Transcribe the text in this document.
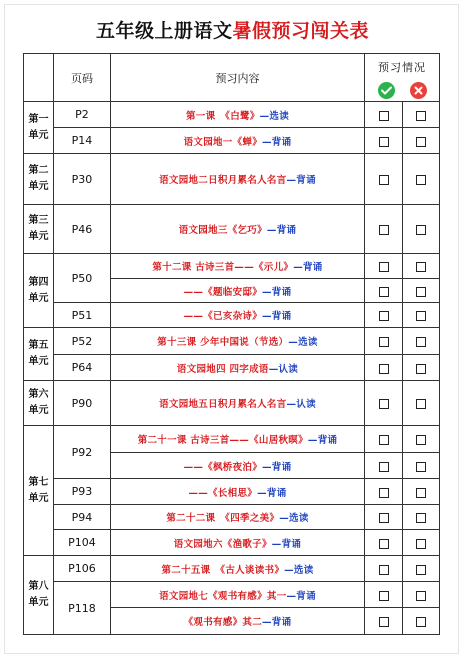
五年级上册语文暑假预习闯关表
	页码	预习内容	预习情况	

第一
单元	P2	第一课　《白鹭》—选读		
	P14	语文园地一《蝉》—背诵		

第二
单元	P30	语文园地二日积月累名人名言—背诵		

第三
单元	P46	语文园地三《乞巧》—背诵		

第四
单元	P50	第十二课 古诗三首——《示儿》—背诵		
		——《题临安邸》—背诵		
	P51	——《已亥杂诗》—背诵		

第五
单元	P52	第十三课 少年中国说（节选）—选读		
	P64	语文园地四 四字成语—认读		

第六
单元	P90	语文园地五日积月累名人名言—认读		

第七
单元	P92	第二十一课 古诗三首——《山居秋暝》—背诵		
		——《枫桥夜泊》—背诵		
	P93	——《长相思》—背诵		
	P94	第二十二课　《四季之美》—选读		
	P104	语文园地六《渔歌子》—背诵		

第八
单元	P106	第二十五课　《古人谈读书》—选读		
	P118	语文园地七《观书有感》其一—背诵		
		《观书有感》其二—背诵		
